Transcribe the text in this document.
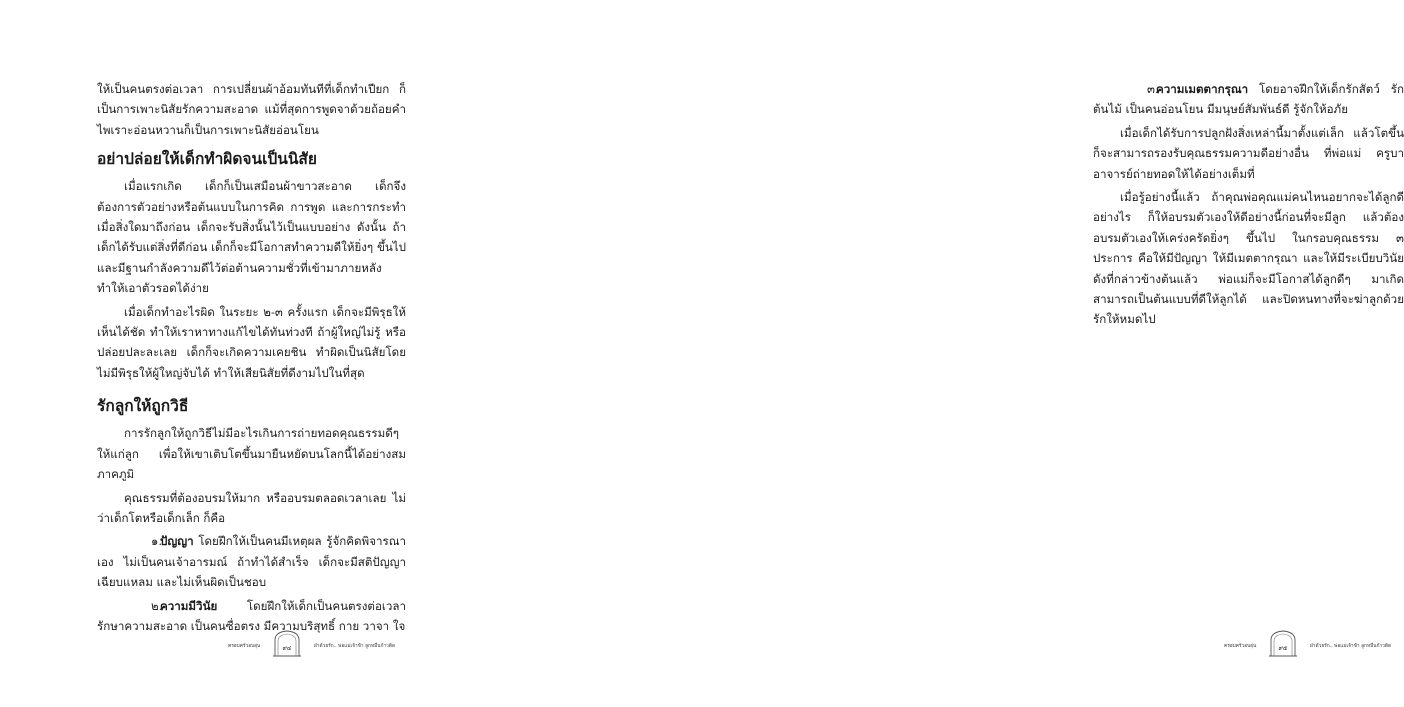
ให้เป็นคนตรงต่อเวลา การเปลี่ยนผ้าอ้อมทันทีที่เด็กทำเปียก ก็เป็นการเพาะนิสัยรักความสะอาด แม้ที่สุดการพูดจาด้วยถ้อยคำไพเราะอ่อนหวานก็เป็นการเพาะนิสัยอ่อนโยน

อย่าปล่อยให้เด็กทำผิดจนเป็นนิสัย

เมื่อแรกเกิด เด็กก็เป็นเสมือนผ้าขาวสะอาด เด็กจึงต้องการตัวอย่างหรือต้นแบบในการคิด การพูด และการกระทำ เมื่อสิ่งใดมาถึงก่อน เด็กจะรับสิ่งนั้นไว้เป็นแบบอย่าง ดังนั้น ถ้าเด็กได้รับแต่สิ่งที่ดีก่อน เด็กก็จะมีโอกาสทำความดีให้ยิ่งๆ ขึ้นไป และมีฐานกำลังความดีไว้ต่อต้านความชั่วที่เข้ามาภายหลัง ทำให้เอาตัวรอดได้ง่าย

เมื่อเด็กทำอะไรผิด ในระยะ ๒-๓ ครั้งแรก เด็กจะมีพิรุธให้เห็นได้ชัด ทำให้เราหาทางแก้ไขได้ทันท่วงที ถ้าผู้ใหญ่ไม่รู้ หรือปล่อยปละละเลย เด็กก็จะเกิดความเคยชิน ทำผิดเป็นนิสัยโดยไม่มีพิรุธให้ผู้ใหญ่จับได้ ทำให้เสียนิสัยที่ดีงามไปในที่สุด

รักลูกให้ถูกวิธี

การรักลูกให้ถูกวิธีไม่มีอะไรเกินการถ่ายทอดคุณธรรมดีๆ ให้แก่ลูก เพื่อให้เขาเติบโตขึ้นมายืนหยัดบนโลกนี้ได้อย่างสมภาคภูมิ

คุณธรรมที่ต้องอบรมให้มาก หรืออบรมตลอดเวลาเลย ไม่ว่าเด็กโตหรือเด็กเล็ก ก็คือ

๑.ปัญญา โดยฝึกให้เป็นคนมีเหตุผล รู้จักคิดพิจารณาเอง ไม่เป็นคนเจ้าอารมณ์ ถ้าทำได้สำเร็จ เด็กจะมีสติปัญญาเฉียบแหลม และไม่เห็นผิดเป็นชอบ

๒.ความมีวินัย โดยฝึกให้เด็กเป็นคนตรงต่อเวลา รักษาความสะอาด เป็นคนซื่อตรง มีความบริสุทธิ์ กาย วาจา ใจ

ครอบครัวอบอุ่น	๙๔	ฝ่าด้วยรัก.. พ่อแม่เจ้าข้า ลูกหมื่นก้าวติด

๓.ความเมตตากรุณา โดยอาจฝึกให้เด็กรักสัตว์ รักต้นไม้ เป็นคนอ่อนโยน มีมนุษย์สัมพันธ์ดี รู้จักให้อภัย

เมื่อเด็กได้รับการปลูกฝังสิ่งเหล่านี้มาตั้งแต่เล็ก แล้วโตขึ้นก็จะสามารถรองรับคุณธรรมความดีอย่างอื่น ที่พ่อแม่ ครูบาอาจารย์ถ่ายทอดให้ได้อย่างเต็มที่

เมื่อรู้อย่างนี้แล้ว ถ้าคุณพ่อคุณแม่คนไหนอยากจะได้ลูกดีอย่างไร ก็ให้อบรมตัวเองให้ดีอย่างนี้ก่อนที่จะมีลูก แล้วต้องอบรมตัวเองให้เคร่งครัดยิ่งๆ ขึ้นไป ในกรอบคุณธรรม ๓ ประการ คือให้มีปัญญา ให้มีเมตตากรุณา และให้มีระเบียบวินัย ดังที่กล่าวข้างต้นแล้ว พ่อแม่ก็จะมีโอกาสได้ลูกดีๆ มาเกิด สามารถเป็นต้นแบบที่ดีให้ลูกได้ และปิดหนทางที่จะฆ่าลูกด้วยรักให้หมดไป

ครอบครัวอบอุ่น	๙๕	ฝ่าด้วยรัก.. พ่อแม่เจ้าข้า ลูกหมื่นก้าวติด
